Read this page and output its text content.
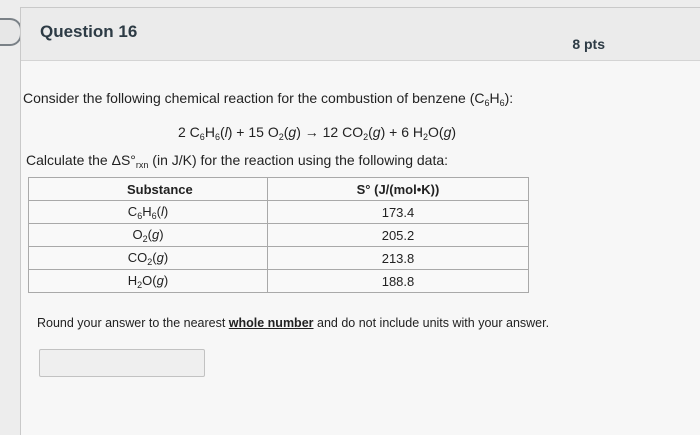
Question 16
8 pts
Consider the following chemical reaction for the combustion of benzene $(C_6H_6)$:
2 $C_6H_6(l) + 15$ $O_2(g) \to 12$ $CO_2(g) + 6$ $H_2O(g)$
Calculate the $\Delta S^\circ_{rxn}$ (in J/K) for the reaction using the following data:
Substance	S° (J/(mol•K))
$C_6H_6(l)$	173.4
$O_2(g)$	205.2
$CO_2(g)$	213.8
$H_2O(g)$	188.8
Round your answer to the nearest whole number and do not include units with your answer.
